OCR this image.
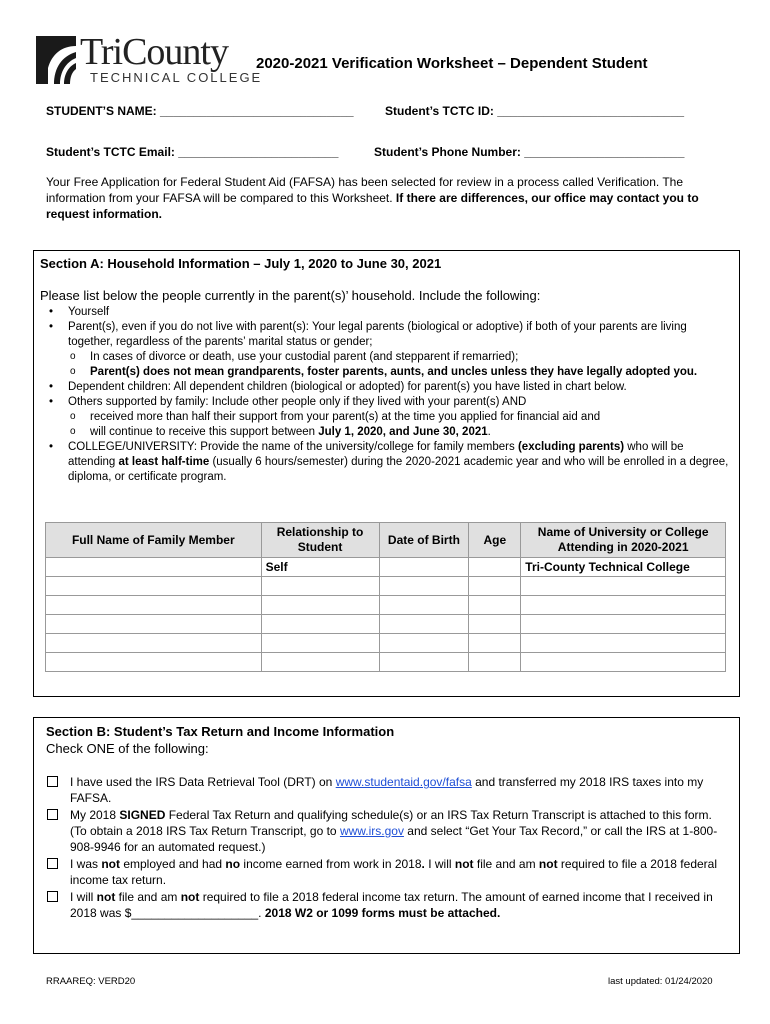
TriCounty
TECHNICAL COLLEGE
2020-2021 Verification Worksheet – Dependent Student
STUDENT’S NAME: _____________________________	Student’s TCTC ID: ____________________________
Student’s TCTC Email: ________________________	Student’s Phone Number: ________________________
Your Free Application for Federal Student Aid (FAFSA) has been selected for review in a process called Verification. The information from your FAFSA will be compared to this Worksheet. If there are differences, our office may contact you to request information.
Section A: Household Information – July 1, 2020 to June 30, 2021
Please list below the people currently in the parent(s)’ household. Include the following:
• Yourself
• Parent(s), even if you do not live with parent(s): Your legal parents (biological or adoptive) if both of your parents are living together, regardless of the parents’ marital status or gender;
o In cases of divorce or death, use your custodial parent (and stepparent if remarried);
o Parent(s) does not mean grandparents, foster parents, aunts, and uncles unless they have legally adopted you.
• Dependent children: All dependent children (biological or adopted) for parent(s) you have listed in chart below.
• Others supported by family: Include other people only if they lived with your parent(s) AND
o received more than half their support from your parent(s) at the time you applied for financial aid and
o will continue to receive this support between July 1, 2020, and June 30, 2021.
• COLLEGE/UNIVERSITY: Provide the name of the university/college for family members (excluding parents) who will be attending at least half-time (usually 6 hours/semester) during the 2020-2021 academic year and who will be enrolled in a degree, diploma, or certificate program.
Full Name of Family Member	Relationship to Student	Date of Birth	Age	Name of University or College Attending in 2020-2021
	Self			Tri-County Technical College

Section B: Student’s Tax Return and Income Information
Check ONE of the following:
I have used the IRS Data Retrieval Tool (DRT) on www.studentaid.gov/fafsa and transferred my 2018 IRS taxes into my FAFSA.
My 2018 SIGNED Federal Tax Return and qualifying schedule(s) or an IRS Tax Return Transcript is attached to this form. (To obtain a 2018 IRS Tax Return Transcript, go to www.irs.gov and select “Get Your Tax Record,” or call the IRS at 1-800-908-9946 for an automated request.)
I was not employed and had no income earned from work in 2018. I will not file and am not required to file a 2018 federal income tax return.
I will not file and am not required to file a 2018 federal income tax return. The amount of earned income that I received in 2018 was $___________________. 2018 W2 or 1099 forms must be attached.
RRAAREQ: VERD20	last updated: 01/24/2020
